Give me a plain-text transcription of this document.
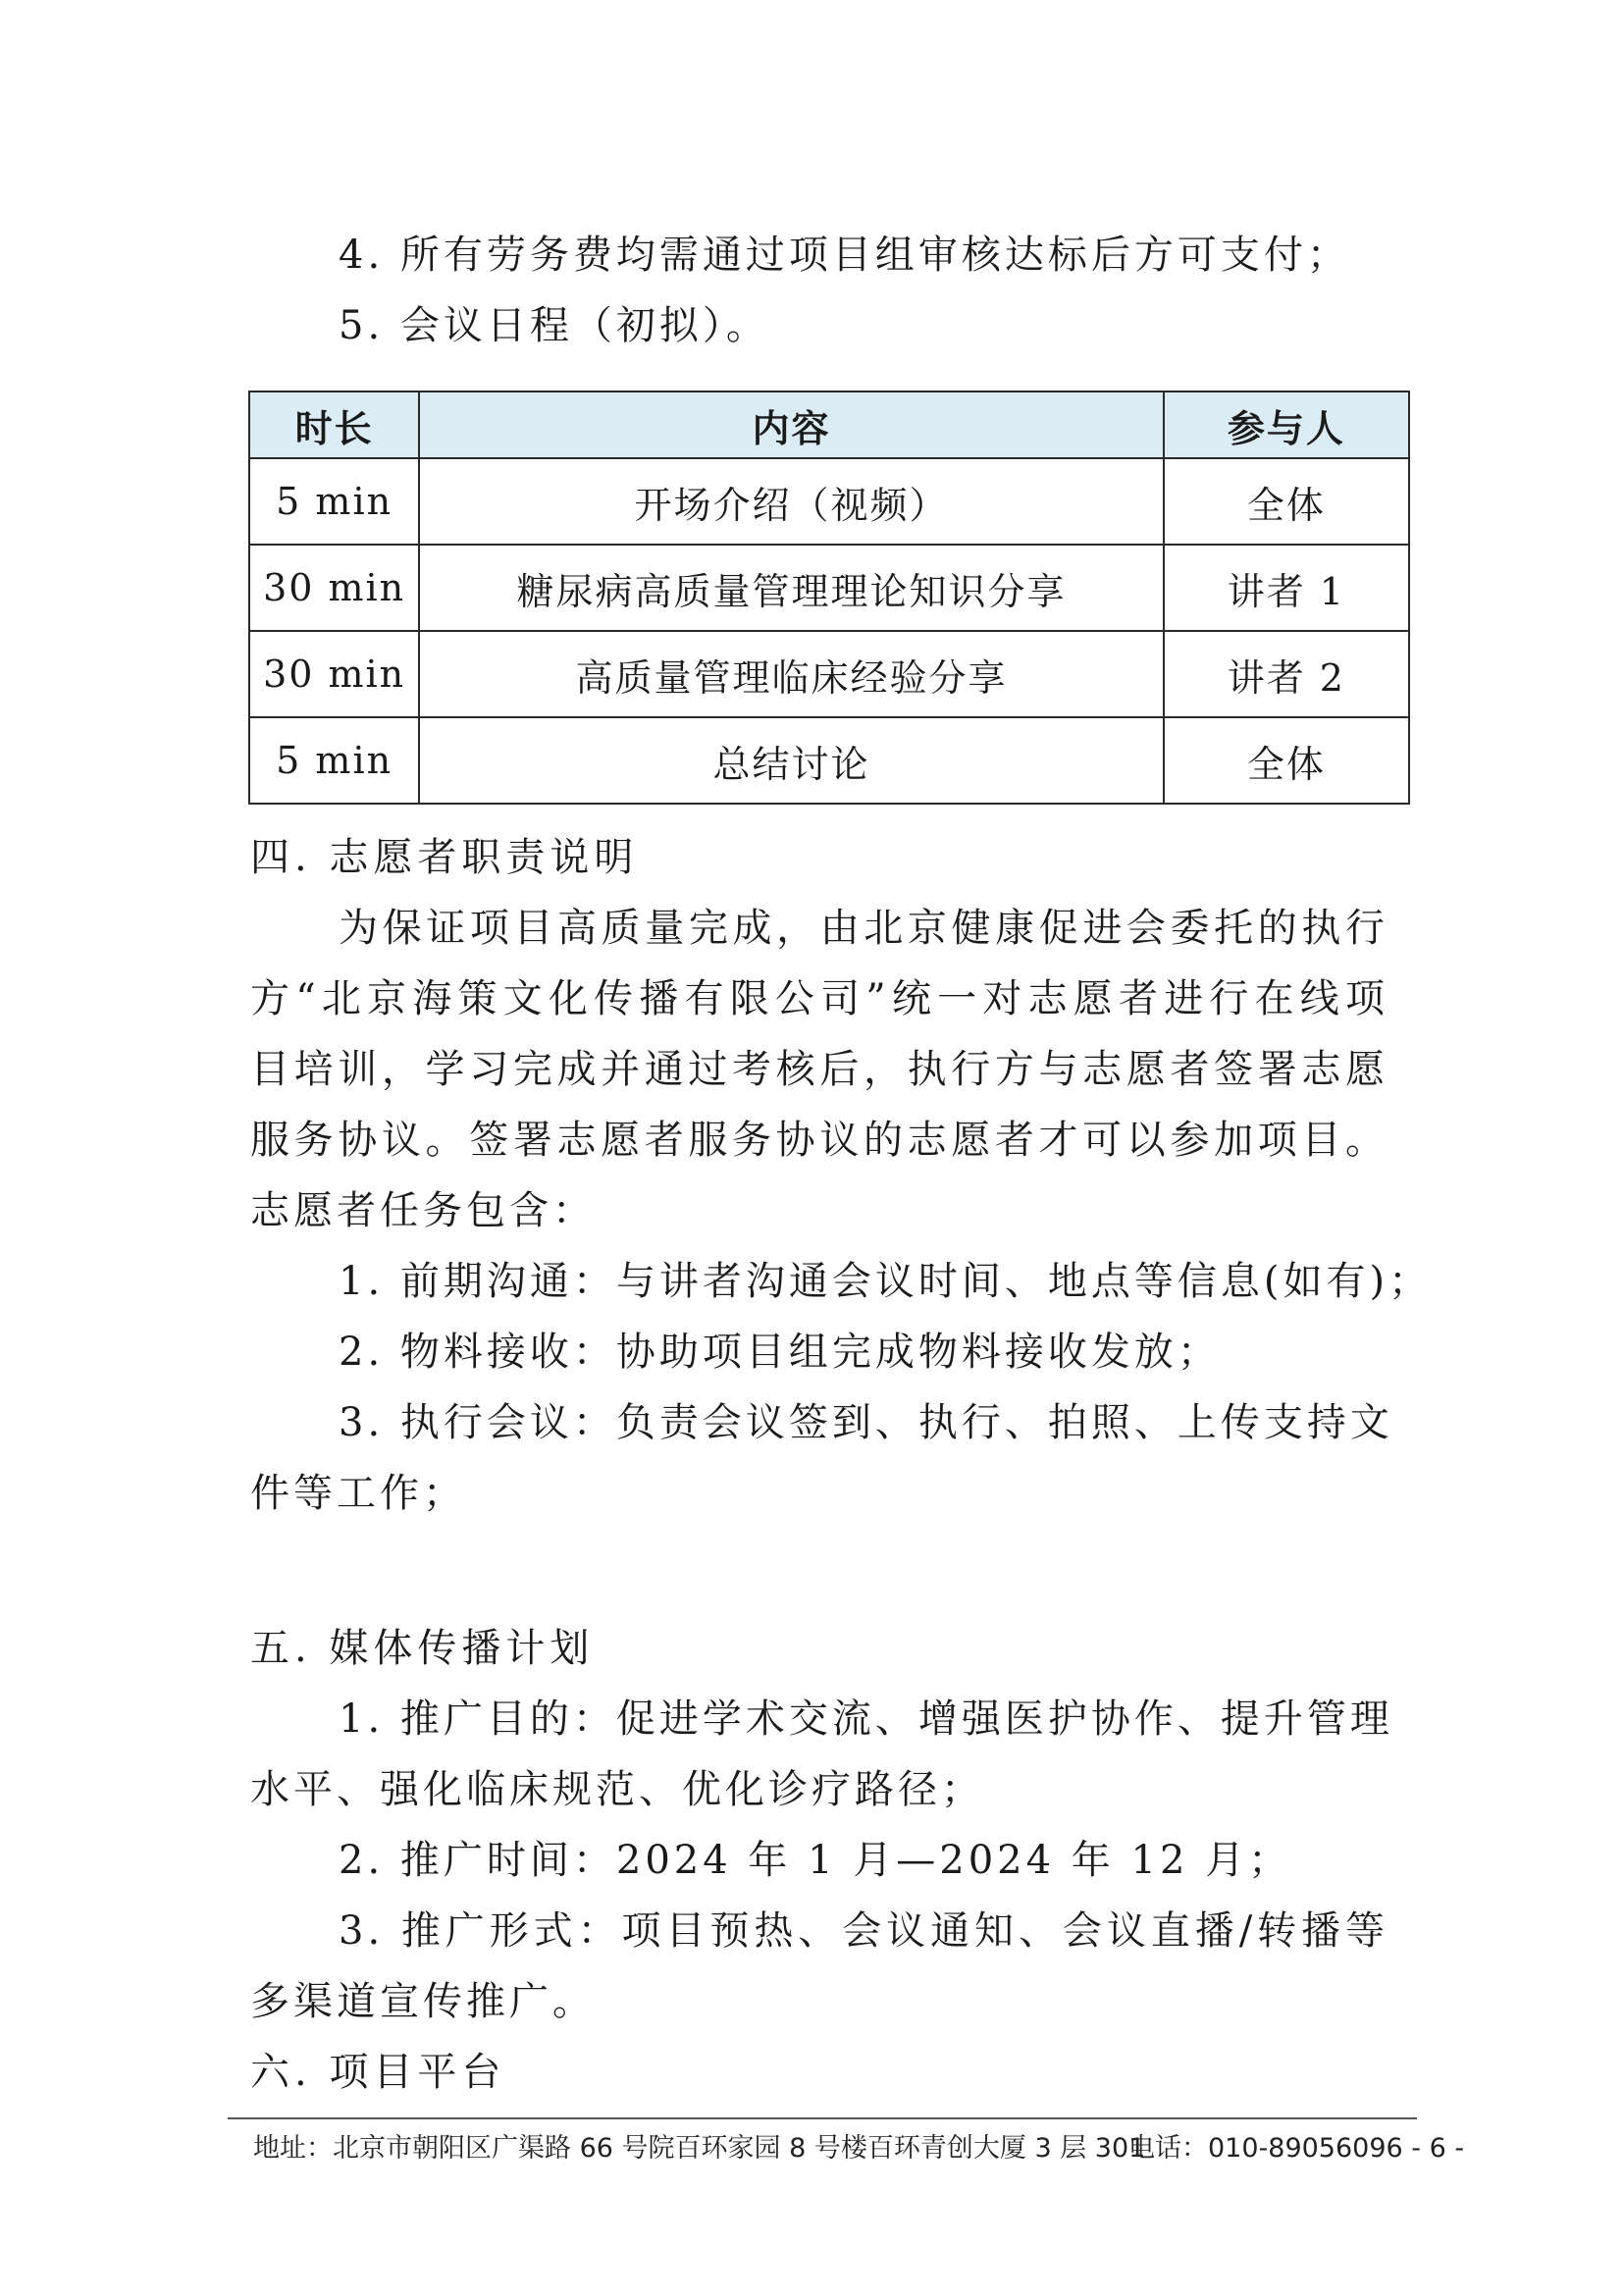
4. 所有劳务费均需通过项目组审核达标后方可支付；
5. 会议日程（初拟）。
时长	内容	参与人
5 min	开场介绍（视频）	全体
30 min	糖尿病高质量管理理论知识分享	讲者 1
30 min	高质量管理临床经验分享	讲者 2
5 min	总结讨论	全体
四. 志愿者职责说明
为保证项目高质量完成，由北京健康促进会委托的执行
方“北京海策文化传播有限公司”统一对志愿者进行在线项
目培训，学习完成并通过考核后，执行方与志愿者签署志愿
服务协议。签署志愿者服务协议的志愿者才可以参加项目。
志愿者任务包含：
1. 前期沟通：与讲者沟通会议时间、地点等信息(如有)；
2. 物料接收：协助项目组完成物料接收发放；
3. 执行会议：负责会议签到、执行、拍照、上传支持文
件等工作；
五. 媒体传播计划
1. 推广目的：促进学术交流、增强医护协作、提升管理
水平、强化临床规范、优化诊疗路径；
2. 推广时间：2024 年 1 月—2024 年 12 月；
3. 推广形式：项目预热、会议通知、会议直播/转播等
多渠道宣传推广。
六. 项目平台
地址：北京市朝阳区广渠路 66 号院百环家园 8 号楼百环青创大厦 3 层 301
电话：010-89056096 - 6 -
